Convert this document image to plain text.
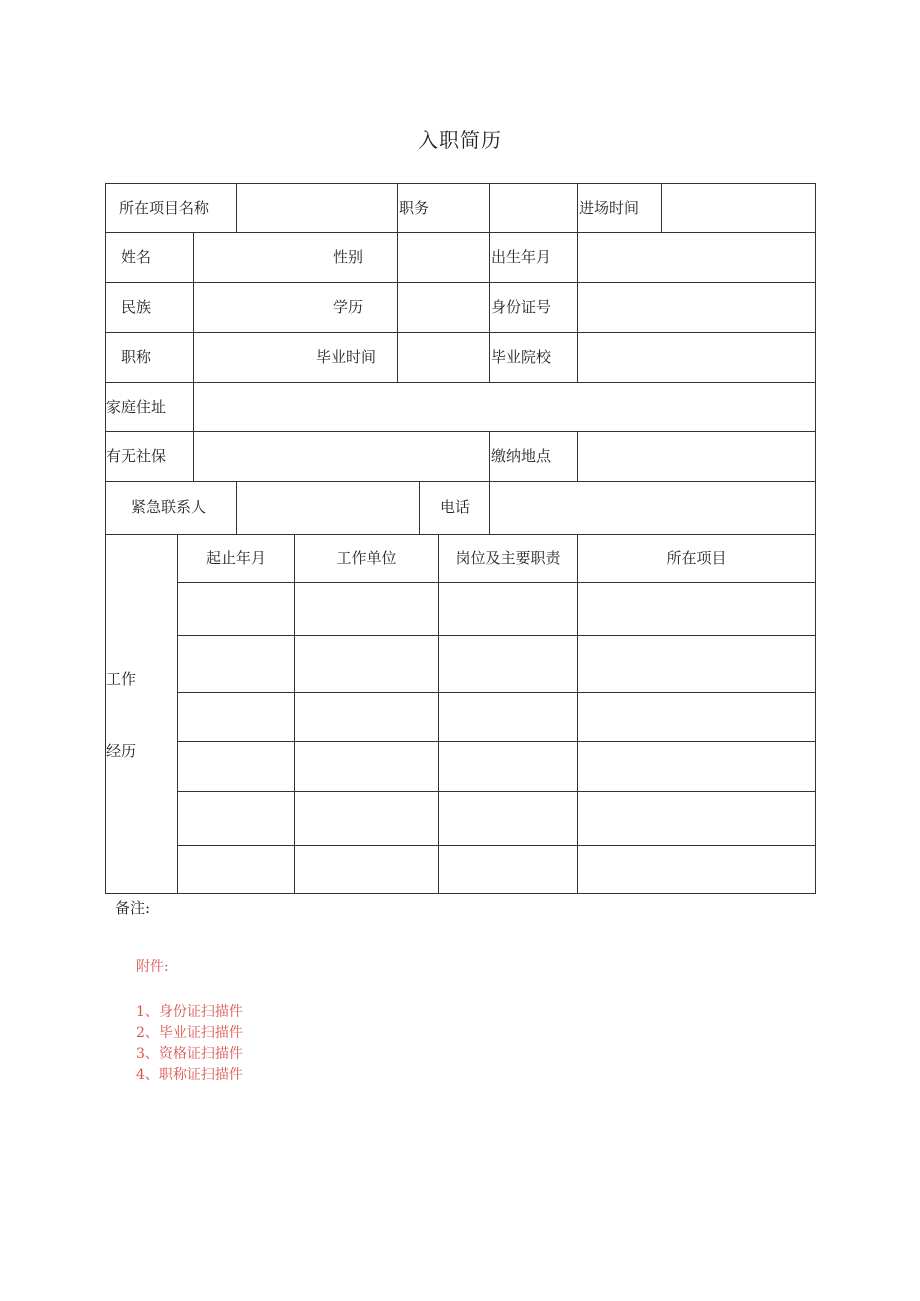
入职简历
所在项目名称	职务	进场时间
姓名	性别	出生年月
民族	学历	身份证号
职称	毕业时间	毕业院校
家庭住址
有无社保	缴纳地点
紧急联系人	电话
工作
经历
起止年月	工作单位	岗位及主要职责	所在项目
备注:
附件:
1、身份证扫描件
2、毕业证扫描件
3、资格证扫描件
4、职称证扫描件
